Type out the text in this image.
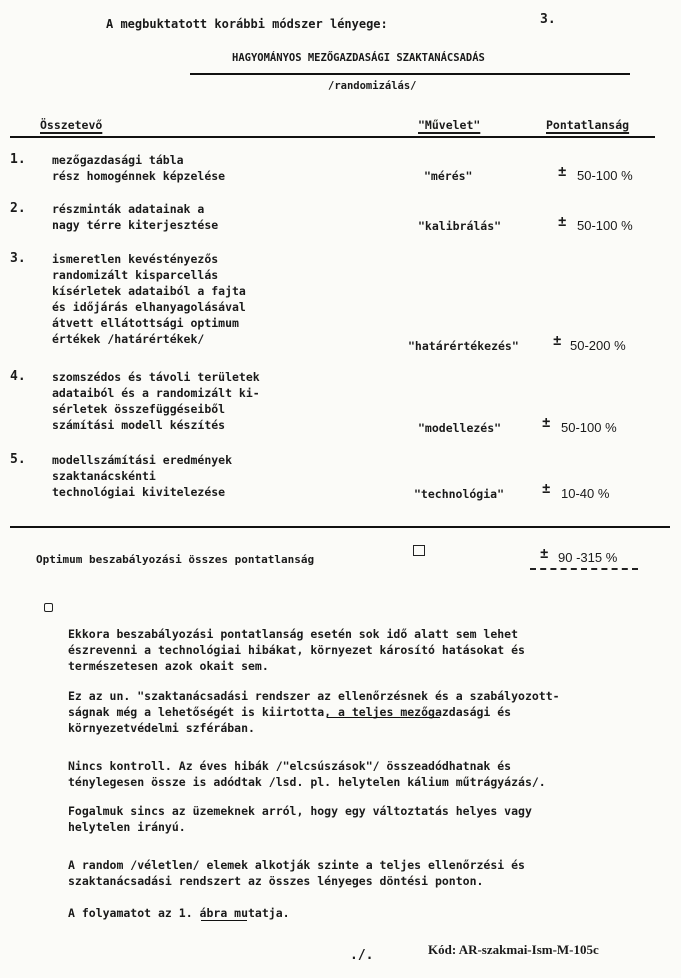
A megbuktatott korábbi módszer lényege:	3.
HAGYOMÁNYOS MEZŐGAZDASÁGI SZAKTANÁCSADÁS
/randomizálás/
Összetevő	"Művelet"	Pontatlanság
1. mezőgazdasági tábla
rész homogénnek képzelése	"mérés"	± 50-100 %
2. részminták adatainak a
nagy térre kiterjesztése	"kalibrálás"	± 50-100 %
3. ismeretlen kevéstényezős
randomizált kisparcellás
kísérletek adataiból a fajta
és időjárás elhanyagolásával
átvett ellátottsági optimum
értékek /határértékek/	"határértékezés" ± 50-200 %
4. szomszédos és távoli területek
adataiból és a randomizált ki-
sérletek összefüggéseiből
számítási modell készítés	"modellezés"	± 50-100 %
5. modellszámítási eredmények
szaktanácskénti
technológiai kivitelezése	"technológia"	± 10-40 %
Optimum beszabályozási összes pontatlanság	± 90 -315 %
Ekkora beszabályozási pontatlanság esetén sok idő alatt sem lehet
észrevenni a technológiai hibákat, környezet károsító hatásokat és
természetesen azok okait sem.
Ez az un. "szaktanácsadási rendszer az ellenőrzésnek és a szabályozott-
ságnak még a lehetőségét is kiirtotta, a teljes mezőgazdasági és
környezetvédelmi szférában.
Nincs kontroll. Az éves hibák /"elcsúszások"/ összeadódhatnak és
ténylegesen össze is adódtak /lsd. pl. helytelen kálium műtrágyázás/.
Fogalmuk sincs az üzemeknek arról, hogy egy változtatás helyes vagy
helytelen irányú.
A random /véletlen/ elemek alkotják szinte a teljes ellenőrzési és
szaktanácsadási rendszert az összes lényeges döntési ponton.
A folyamatot az 1. ábra mutatja.
./.	Kód: AR-szakmai-Ism-M-105c
